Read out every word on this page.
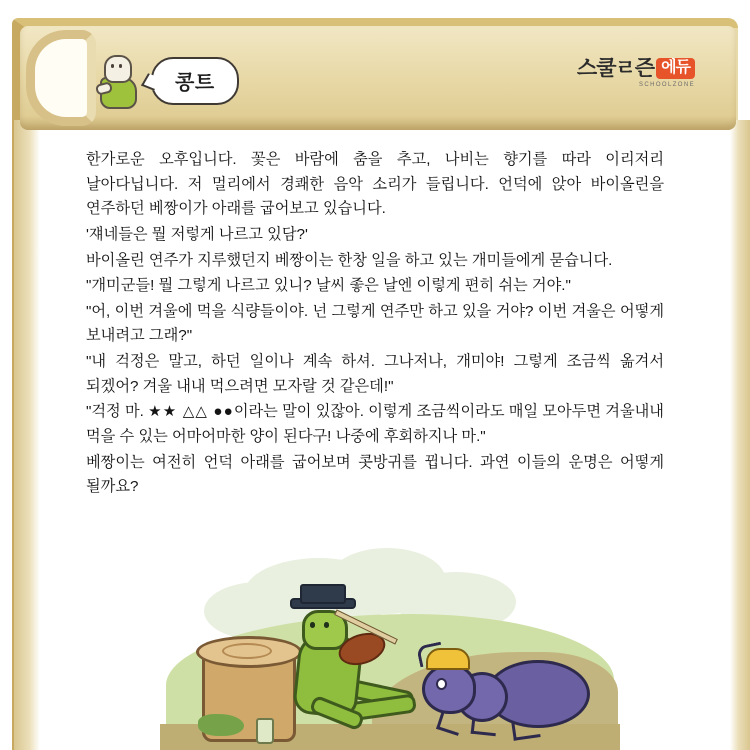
콩트
스쿨ㄹ즌 에듀
SCHOOLZONE

한가로운 오후입니다. 꽃은 바람에 춤을 추고, 나비는 향기를 따라 이리저리 날아다닙니다. 저 멀리에서 경쾌한 음악 소리가 들립니다. 언덕에 앉아 바이올린을 연주하던 베짱이가 아래를 굽어보고 있습니다.

'쟤네들은 뭘 저렇게 나르고 있담?'

바이올린 연주가 지루했던지 베짱이는 한창 일을 하고 있는 개미들에게 묻습니다.

"개미군들! 뭘 그렇게 나르고 있니? 날씨 좋은 날엔 이렇게 편히 쉬는 거야."

"어, 이번 겨울에 먹을 식량들이야. 넌 그렇게 연주만 하고 있을 거야? 이번 겨울은 어떻게 보내려고 그래?"

"내 걱정은 말고, 하던 일이나 계속 하셔. 그나저나, 개미야! 그렇게 조금씩 옮겨서 되겠어? 겨울 내내 먹으려면 모자랄 것 같은데!"

"걱정 마. ★★ △△ ●●이라는 말이 있잖아. 이렇게 조금씩이라도 매일 모아두면 겨울내내 먹을 수 있는 어마어마한 양이 된다구! 나중에 후회하지나 마."

베짱이는 여전히 언덕 아래를 굽어보며 콧방귀를 뀝니다. 과연 이들의 운명은 어떻게 될까요?
